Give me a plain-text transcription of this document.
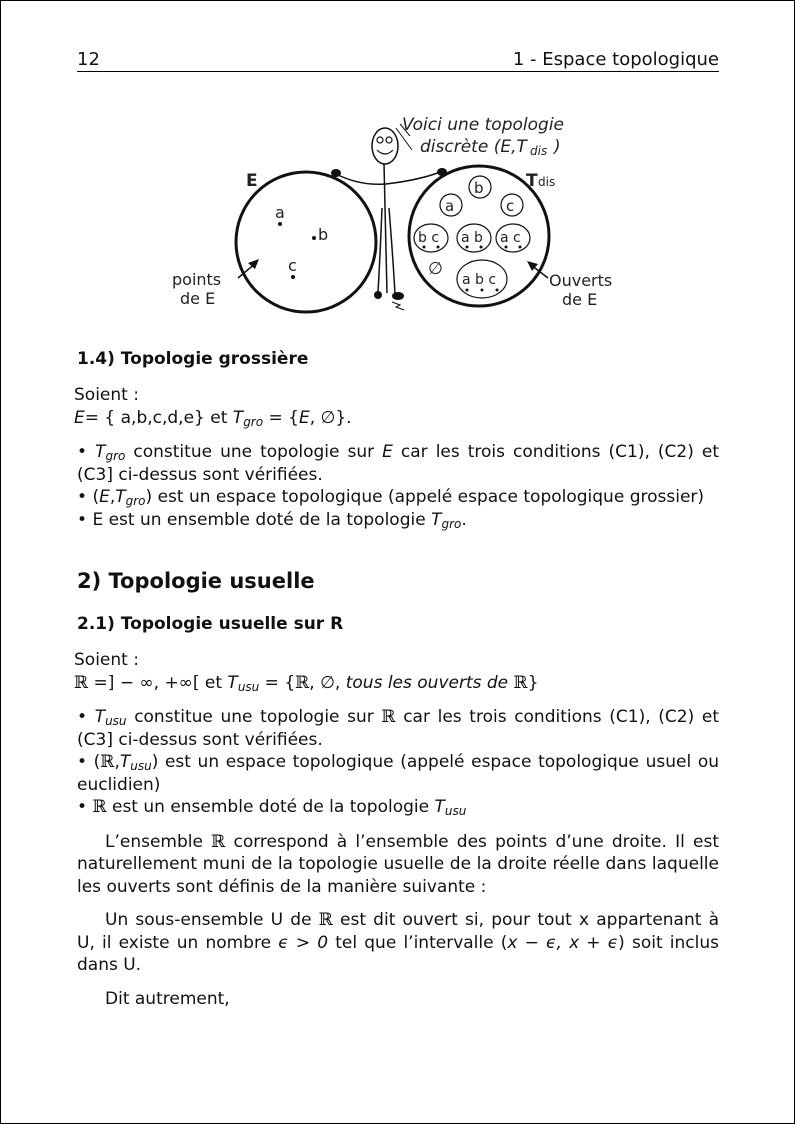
12	1 - Espace topologique
E
a
b
c
points
de E
T dis
b
a	c
b c a b a c
∅
a b c	Ouverts
de E
Voici une topologie
discrète (E,T dis )
1.4) Topologie grossière

Soient :

E= { a,b,c,d,e} et $T_{gro} = \{E$, ∅}.

• $T_{gro}$ constitue une topologie sur E car les trois conditions (C1), (C2) et (C3] ci-dessus sont vérifiées.

• $(E,T_{gro})$ est un espace topologique (appelé espace topologique grossier)

• E est un ensemble doté de la topologie $T_{gro}$.

2) Topologie usuelle
2.1) Topologie usuelle sur R

Soient :

ℝ =] − ∞, +∞[ et $T_{usu}$ = {ℝ, ∅, tous les ouverts de ℝ}

• $T_{usu}$ constitue une topologie sur ℝ car les trois conditions (C1), (C2) et (C3] ci-dessus sont vérifiées.

• $(ℝ,T_{usu})$ est un espace topologique (appelé espace topologique usuel ou euclidien)

• ℝ est un ensemble doté de la topologie $T_{usu}$

L’ensemble ℝ correspond à l’ensemble des points d’une droite. Il est naturellement muni de la topologie usuelle de la droite réelle dans laquelle les ouverts sont définis de la manière suivante :

Un sous-ensemble U de ℝ est dit ouvert si, pour tout x appartenant à U, il existe un nombre ϵ > 0 tel que l’intervalle (x − ϵ, x + ϵ) soit inclus dans U.

Dit autrement,
